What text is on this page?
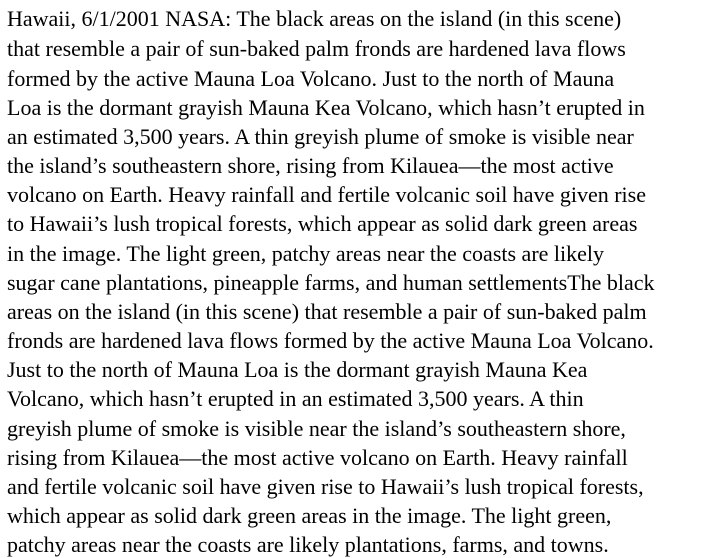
Hawaii, 6/1/2001 NASA: The black areas on the island (in this scene)
that resemble a pair of sun-baked palm fronds are hardened lava flows
formed by the active Mauna Loa Volcano. Just to the north of Mauna
Loa is the dormant grayish Mauna Kea Volcano, which hasn’t erupted in
an estimated 3,500 years. A thin greyish plume of smoke is visible near
the island’s southeastern shore, rising from Kilauea—the most active
volcano on Earth. Heavy rainfall and fertile volcanic soil have given rise
to Hawaii’s lush tropical forests, which appear as solid dark green areas
in the image. The light green, patchy areas near the coasts are likely
sugar cane plantations, pineapple farms, and human settlementsThe black
areas on the island (in this scene) that resemble a pair of sun-baked palm
fronds are hardened lava flows formed by the active Mauna Loa Volcano.
Just to the north of Mauna Loa is the dormant grayish Mauna Kea
Volcano, which hasn’t erupted in an estimated 3,500 years. A thin
greyish plume of smoke is visible near the island’s southeastern shore,
rising from Kilauea—the most active volcano on Earth. Heavy rainfall
and fertile volcanic soil have given rise to Hawaii’s lush tropical forests,
which appear as solid dark green areas in the image. The light green,
patchy areas near the coasts are likely plantations, farms, and towns.
